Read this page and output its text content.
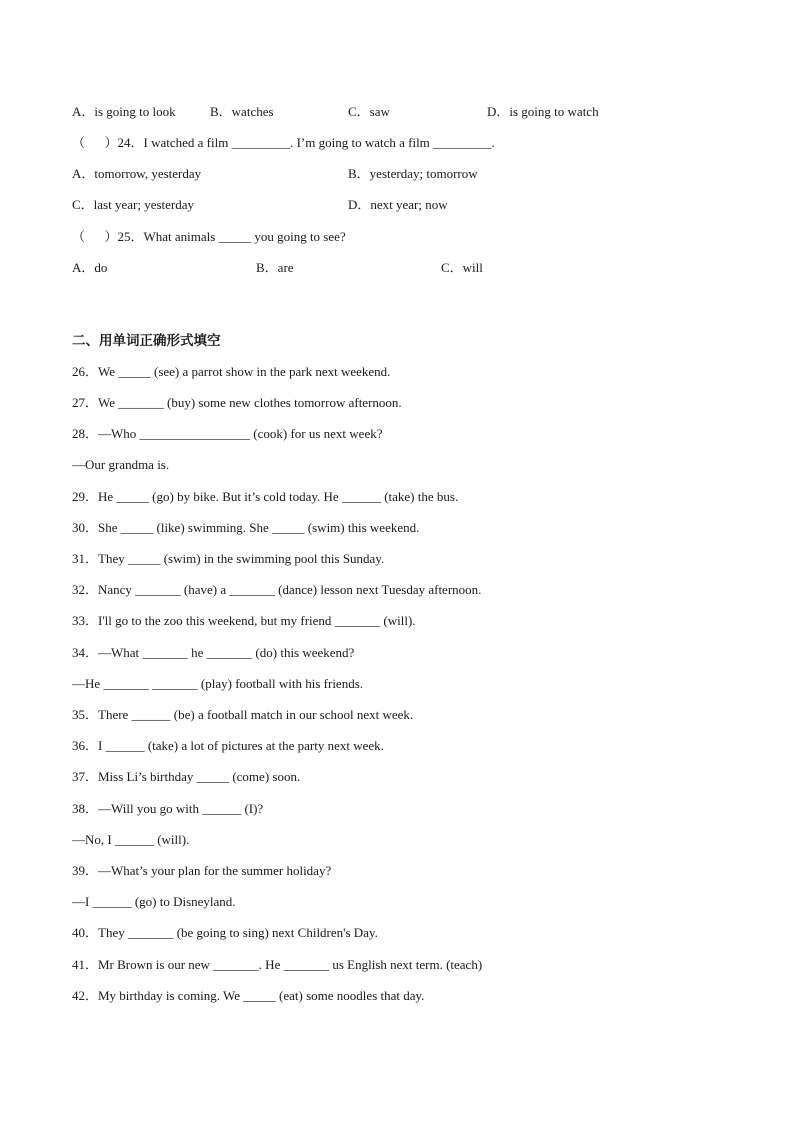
A．is going to look	B．watches	C．saw	D．is going to watch
（      ）24．I watched a film _________. I’m going to watch a film _________.
A．tomorrow, yesterday	B．yesterday; tomorrow
C．last year; yesterday	D．next year; now
（      ）25．What animals _____ you going to see?
A．do	B．are	C．will
二、用单词正确形式填空
26．We _____ (see) a parrot show in the park next weekend.
27．We _______ (buy) some new clothes tomorrow afternoon.
28．—Who _________________ (cook) for us next week?
—Our grandma is.
29．He _____ (go) by bike. But it’s cold today. He ______ (take) the bus.
30．She _____ (like) swimming. She _____ (swim) this weekend.
31．They _____ (swim) in the swimming pool this Sunday.
32．Nancy _______ (have) a _______ (dance) lesson next Tuesday afternoon.
33．I'll go to the zoo this weekend, but my friend _______ (will).
34．—What _______ he _______ (do) this weekend?
—He _______ _______ (play) football with his friends.
35．There ______ (be) a football match in our school next week.
36．I ______ (take) a lot of pictures at the party next week.
37．Miss Li’s birthday _____ (come) soon.
38．—Will you go with ______ (I)?
—No, I ______ (will).
39．—What’s your plan for the summer holiday?
—I ______ (go) to Disneyland.
40．They _______ (be going to sing) next Children's Day.
41．Mr Brown is our new _______. He _______ us English next term. (teach)
42．My birthday is coming. We _____ (eat) some noodles that day.
